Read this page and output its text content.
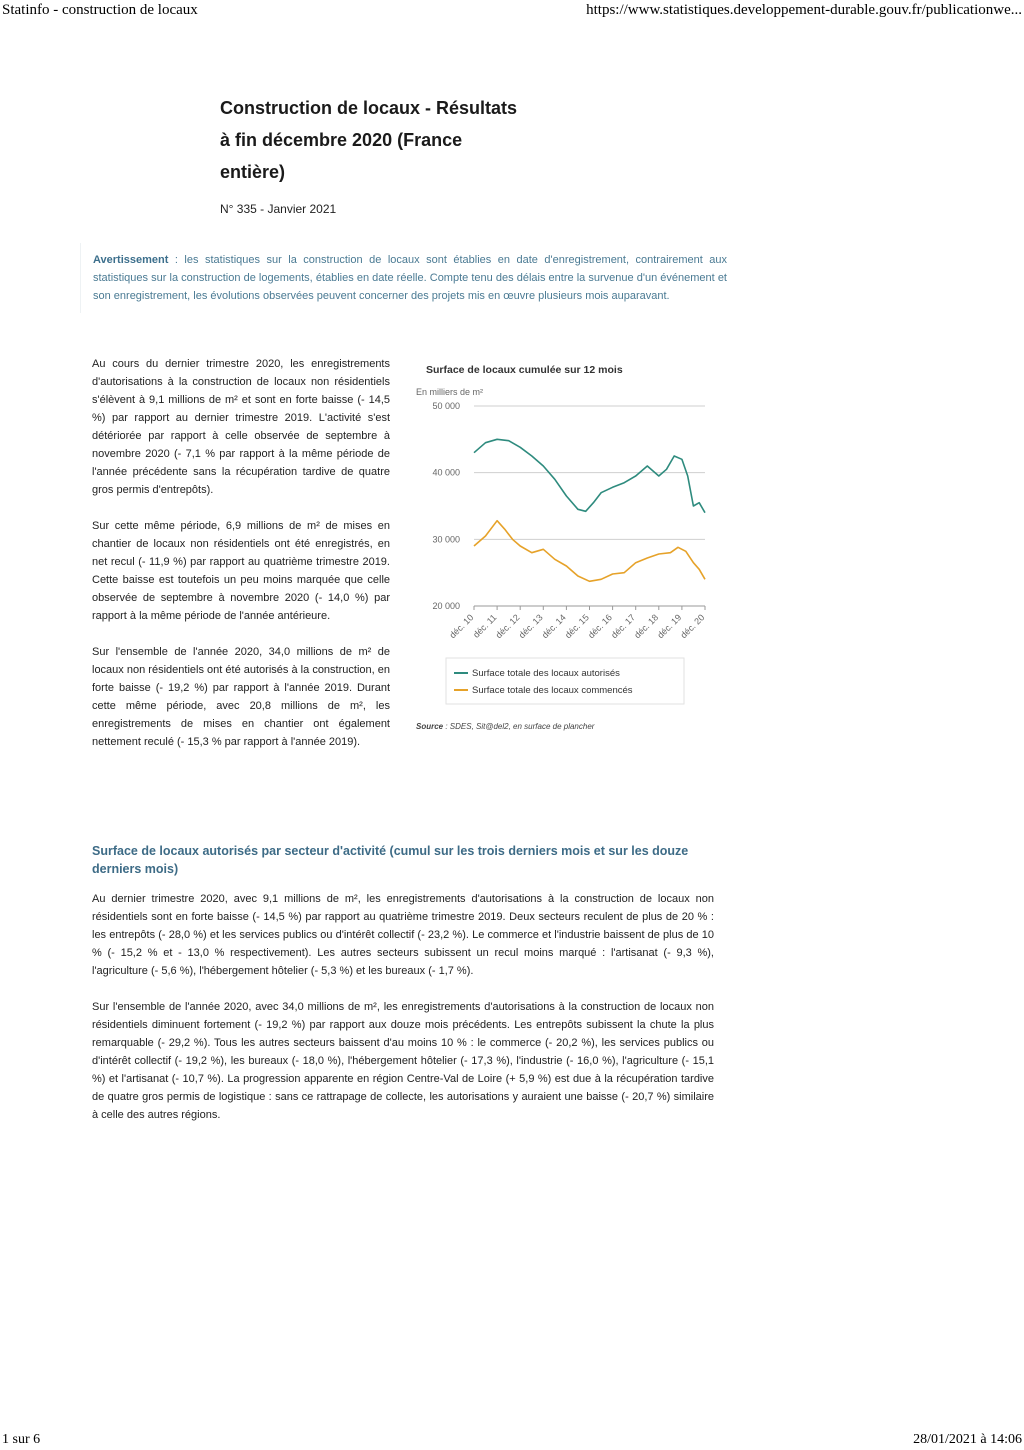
Statinfo - construction de locaux	https://www.statistiques.developpement-durable.gouv.fr/publicationwe...
Construction de locaux - Résultats
à fin décembre 2020 (France
entière)
N° 335 - Janvier 2021
Avertissement : les statistiques sur la construction de locaux sont établies en date d'enregistrement, contrairement aux statistiques sur la construction de logements, établies en date réelle. Compte tenu des délais entre la survenue d'un événement et son enregistrement, les évolutions observées peuvent concerner des projets mis en œuvre plusieurs mois auparavant.

Au cours du dernier trimestre 2020, les enregistrements d'autorisations à la construction de locaux non résidentiels s'élèvent à 9,1 millions de m² et sont en forte baisse (- 14,5 %) par rapport au dernier trimestre 2019. L'activité s'est détériorée par rapport à celle observée de septembre à novembre 2020 (- 7,1 % par rapport à la même période de l'année précédente sans la récupération tardive de quatre gros permis d'entrepôts).

Sur cette même période, 6,9 millions de m² de mises en chantier de locaux non résidentiels ont été enregistrés, en net recul (- 11,9 %) par rapport au quatrième trimestre 2019. Cette baisse est toutefois un peu moins marquée que celle observée de septembre à novembre 2020 (- 14,0 %) par rapport à la même période de l'année antérieure.

Sur l'ensemble de l'année 2020, 34,0 millions de m² de locaux non résidentiels ont été autorisés à la construction, en forte baisse (- 19,2 %) par rapport à l'année 2019. Durant cette même période, avec 20,8 millions de m², les enregistrements de mises en chantier ont également nettement reculé (- 15,3 % par rapport à l'année 2019).

Surface de locaux cumulée sur 12 mois
En milliers de m²
20 000
30 000
40 000
50 000
déc. 10
déc. 11
déc. 12
déc. 13
déc. 14
déc. 15
déc. 16
déc. 17
déc. 18
déc. 19
déc. 20
Surface totale des locaux autorisés
Surface totale des locaux commencés
Source : SDES, Sit@del2, en surface de plancher
Surface de locaux autorisés par secteur d'activité (cumul sur les trois derniers mois et sur les douze derniers mois)

Au dernier trimestre 2020, avec 9,1 millions de m², les enregistrements d'autorisations à la construction de locaux non résidentiels sont en forte baisse (- 14,5 %) par rapport au quatrième trimestre 2019. Deux secteurs reculent de plus de 20 % : les entrepôts (- 28,0 %) et les services publics ou d'intérêt collectif (- 23,2 %). Le commerce et l'industrie baissent de plus de 10 % (- 15,2 % et - 13,0 % respectivement). Les autres secteurs subissent un recul moins marqué : l'artisanat (- 9,3 %), l'agriculture (- 5,6 %), l'hébergement hôtelier (- 5,3 %) et les bureaux (- 1,7 %).

Sur l'ensemble de l'année 2020, avec 34,0 millions de m², les enregistrements d'autorisations à la construction de locaux non résidentiels diminuent fortement (- 19,2 %) par rapport aux douze mois précédents. Les entrepôts subissent la chute la plus remarquable (- 29,2 %). Tous les autres secteurs baissent d'au moins 10 % : le commerce (- 20,2 %), les services publics ou d'intérêt collectif (- 19,2 %), les bureaux (- 18,0 %), l'hébergement hôtelier (- 17,3 %), l'industrie (- 16,0 %), l'agriculture (- 15,1 %) et l'artisanat (- 10,7 %). La progression apparente en région Centre-Val de Loire (+ 5,9 %) est due à la récupération tardive de quatre gros permis de logistique : sans ce rattrapage de collecte, les autorisations y auraient une baisse (- 20,7 %) similaire à celle des autres régions.

1 sur 6	28/01/2021 à 14:06
